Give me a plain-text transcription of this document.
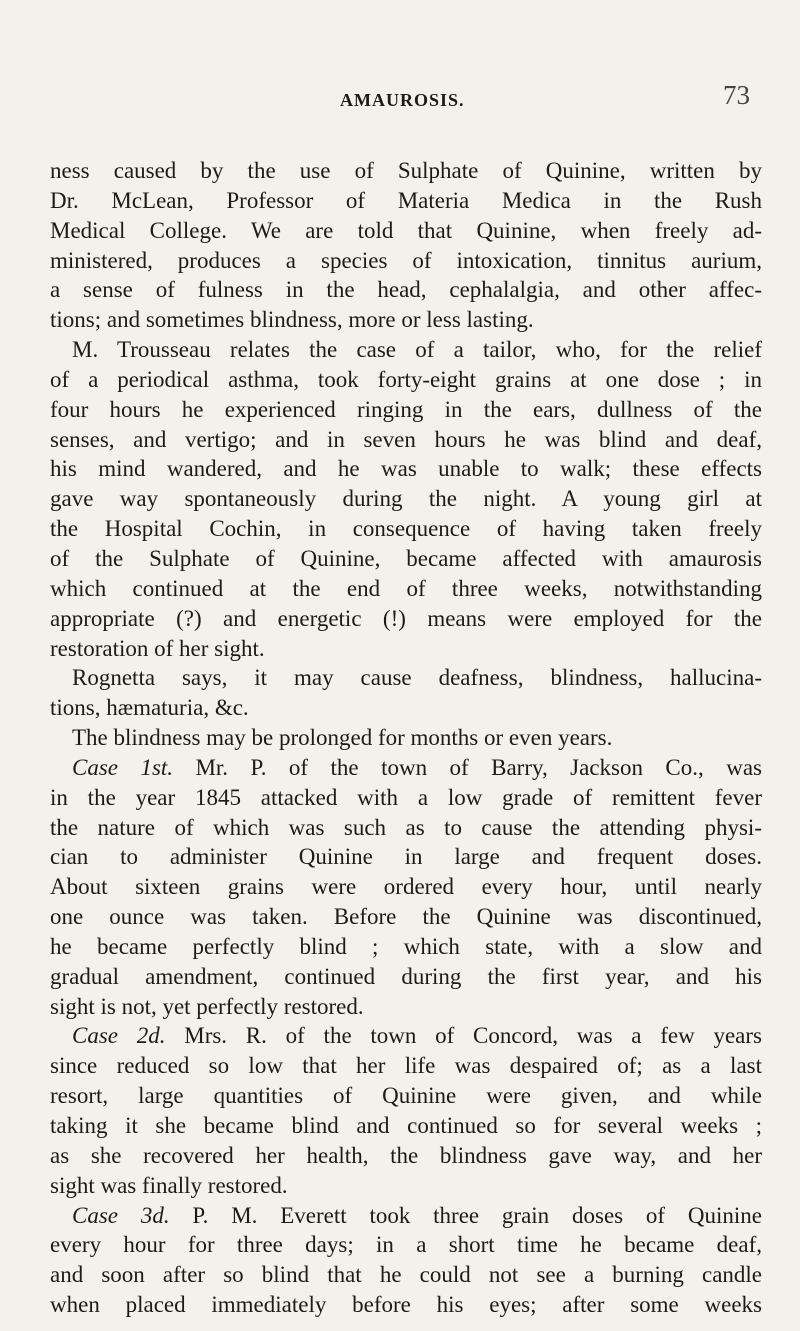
AMAUROSIS.	73
ness caused by the use of Sulphate of Quinine, written by
Dr. McLean, Professor of Materia Medica in the Rush
Medical College. We are told that Quinine, when freely ad-
ministered, produces a species of intoxication, tinnitus aurium,
a sense of fulness in the head, cephalalgia, and other affec-
tions; and sometimes blindness, more or less lasting.
M. Trousseau relates the case of a tailor, who, for the relief
of a periodical asthma, took forty-eight grains at one dose ; in
four hours he experienced ringing in the ears, dullness of the
senses, and vertigo; and in seven hours he was blind and deaf,
his mind wandered, and he was unable to walk; these effects
gave way spontaneously during the night. A young girl at
the Hospital Cochin, in consequence of having taken freely
of the Sulphate of Quinine, became affected with amaurosis
which continued at the end of three weeks, notwithstanding
appropriate (?) and energetic (!) means were employed for the
restoration of her sight.
Rognetta says, it may cause deafness, blindness, hallucina-
tions, hæmaturia, &c.
The blindness may be prolonged for months or even years.
Case 1st. Mr. P. of the town of Barry, Jackson Co., was
in the year 1845 attacked with a low grade of remittent fever
the nature of which was such as to cause the attending physi-
cian to administer Quinine in large and frequent doses.
About sixteen grains were ordered every hour, until nearly
one ounce was taken. Before the Quinine was discontinued,
he became perfectly blind ; which state, with a slow and
gradual amendment, continued during the first year, and his
sight is not, yet perfectly restored.
Case 2d. Mrs. R. of the town of Concord, was a few years
since reduced so low that her life was despaired of; as a last
resort, large quantities of Quinine were given, and while
taking it she became blind and continued so for several weeks ;
as she recovered her health, the blindness gave way, and her
sight was finally restored.
Case 3d. P. M. Everett took three grain doses of Quinine
every hour for three days; in a short time he became deaf,
and soon after so blind that he could not see a burning candle
when placed immediately before his eyes; after some weeks
